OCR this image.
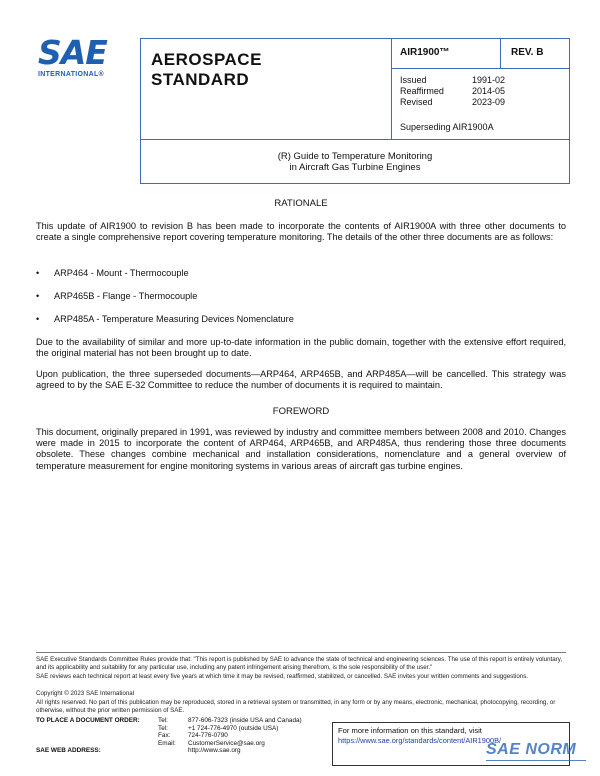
SAE
INTERNATIONAL®
AEROSPACE
STANDARD
AIR1900™	REV. B
Issued	1991-02
Reaffirmed	2014-05
Revised	2023-09
Superseding AIR1900A
(R) Guide to Temperature Monitoring
in Aircraft Gas Turbine Engines
RATIONALE
This update of AIR1900 to revision B has been made to incorporate the contents of AIR1900A with three other documents to create a single comprehensive report covering temperature monitoring. The details of the other three documents are as follows:
• ARP464 - Mount - Thermocouple
• ARP465B - Flange - Thermocouple
• ARP485A - Temperature Measuring Devices Nomenclature
Due to the availability of similar and more up-to-date information in the public domain, together with the extensive effort required, the original material has not been brought up to date.
Upon publication, the three superseded documents—ARP464, ARP465B, and ARP485A—will be cancelled. This strategy was agreed to by the SAE E-32 Committee to reduce the number of documents it is required to maintain.
FOREWORD
This document, originally prepared in 1991, was reviewed by industry and committee members between 2008 and 2010. Changes were made in 2015 to incorporate the content of ARP464, ARP465B, and ARP485A, thus rendering those three documents obsolete. These changes combine mechanical and installation considerations, nomenclature and a general overview of temperature measurement for engine monitoring systems in various areas of aircraft gas turbine engines.
SAE Executive Standards Committee Rules provide that: "This report is published by SAE to advance the state of technical and engineering sciences. The use of this report is entirely voluntary, and its applicability and suitability for any particular use, including any patent infringement arising therefrom, is the sole responsibility of the user."
SAE reviews each technical report at least every five years at which time it may be revised, reaffirmed, stabilized, or cancelled. SAE invites your written comments and suggestions.
Copyright © 2023 SAE International
All rights reserved. No part of this publication may be reproduced, stored in a retrieval system or transmitted, in any form or by any means, electronic, mechanical, photocopying, recording, or otherwise, without the prior written permission of SAE.
TO PLACE A DOCUMENT ORDER:	Tel:	877-606-7323 (inside USA and Canada)
	Tel:	+1 724-776-4970 (outside USA)
	Fax:	724-776-0790
	Email:	CustomerService@sae.org
SAE WEB ADDRESS:		http://www.sae.org
For more information on this standard, visit
https://www.sae.org/standards/content/AIR1900B/
SAE NORM
